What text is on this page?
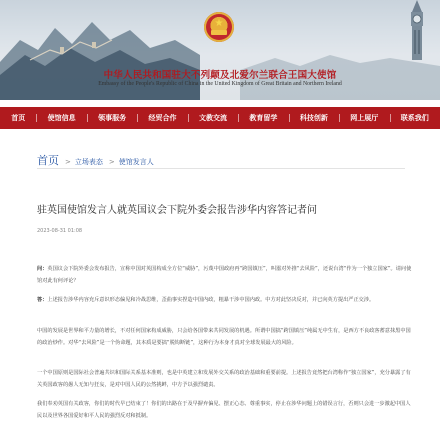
★
中华人民共和国驻大不列颠及北爱尔兰联合王国大使馆
Embassy of the People's Republic of China in the United Kingdom of Great Britain and Northern Ireland
首页	使馆信息	领事服务	经贸合作	文教交流	教育留学	科技创新	网上展厅	联系我们
首页 > 立场表态 > 使馆发言人
驻英国使馆发言人就英国议会下院外委会报告涉华内容答记者问
2023-08-31 01:08

问：英国议会下院外委会发布报告，宣称中国对英国构成全方位“威胁”，污蔑中国政府再“跨国镇压”，叫嚣对外推“去风险”，还说台湾“作为一个独立国家”。请问使馆对此有何评论？

答：上述报告涉华内容充斥意识形态偏见和冷战思维，歪曲事实捏造中国内政，粗暴干涉中国内政。中方对此坚决反对，并已向英方提出严正交涉。

中国的发展是世界和平力量的增长，不对任何国家构成威胁，只会给各国带来共同发展的机遇。所谓中国搞“跨国镇压”纯属无中生有，是西方不良政客蓄意抹黑中国的政治炒作。对华“去风险”是一个伪命题，其本质是要搞“脱钩断链”，这种行为本身才真对全球发展最大的风险。

一个中国原则是国际社会普遍共识和国际关系基本准则，也是中英建立和发展外交关系的政治基础和重要前提。上述报告竟然把台湾称作“独立国家”，充分暴露了有关英国政客的愚人无知与狂妄，是对中国人民的公然挑衅，中方予以强烈谴责。

我们奉劝英国有关政客，你们的时代早已结束了！你们的出路在于及早摒弃偏见、摆正心态、尊重事实，停止在涉华问题上的错误言行，否则只会进一步激起中国人民以及世界各国爱好和平人民的强烈反对和抵制。
